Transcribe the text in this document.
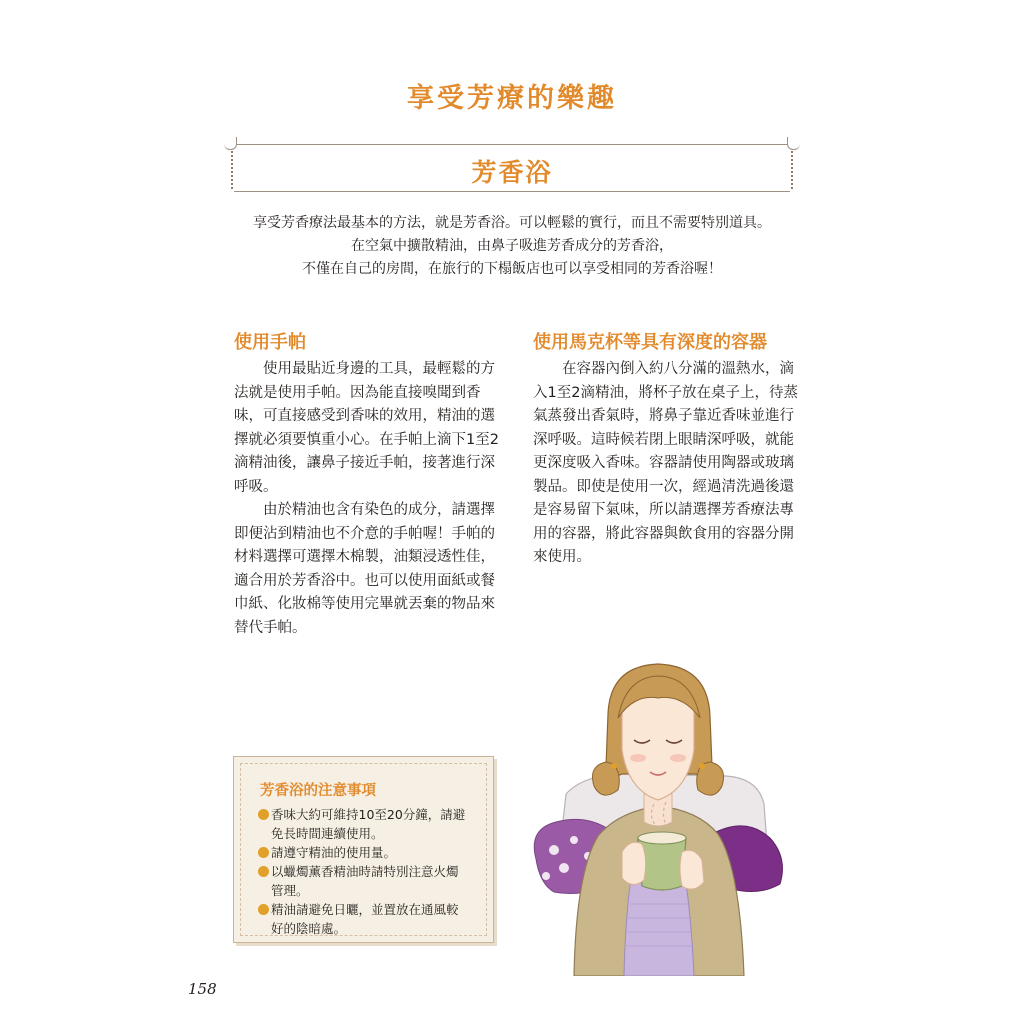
享受芳療的樂趣
芳香浴
享受芳香療法最基本的方法，就是芳香浴。可以輕鬆的實行，而且不需要特別道具。
在空氣中擴散精油，由鼻子吸進芳香成分的芳香浴，
不僅在自己的房間，在旅行的下榻飯店也可以享受相同的芳香浴喔！
使用手帕

使用最貼近身邊的工具，最輕鬆的方
法就是使用手帕。因為能直接嗅聞到香
味，可直接感受到香味的效用，精油的選
擇就必須要慎重小心。在手帕上滴下1至2
滴精油後，讓鼻子接近手帕，接著進行深
呼吸。

由於精油也含有染色的成分，請選擇
即便沾到精油也不介意的手帕喔！手帕的
材料選擇可選擇木棉製，油類浸透性佳，
適合用於芳香浴中。也可以使用面紙或餐
巾紙、化妝棉等使用完畢就丟棄的物品來
替代手帕。

使用馬克杯等具有深度的容器

在容器內倒入約八分滿的溫熱水，滴
入1至2滴精油，將杯子放在桌子上，待蒸
氣蒸發出香氣時，將鼻子靠近香味並進行
深呼吸。這時候若閉上眼睛深呼吸，就能
更深度吸入香味。容器請使用陶器或玻璃
製品。即使是使用一次，經過清洗過後還
是容易留下氣味，所以請選擇芳香療法專
用的容器，將此容器與飲食用的容器分開
來使用。

芳香浴的注意事項
香味大約可維持10至20分鐘，請避
免長時間連續使用。
請遵守精油的使用量。
以蠟燭薰香精油時請特別注意火燭
管理。
精油請避免日曬，並置放在通風較
好的陰暗處。
158
